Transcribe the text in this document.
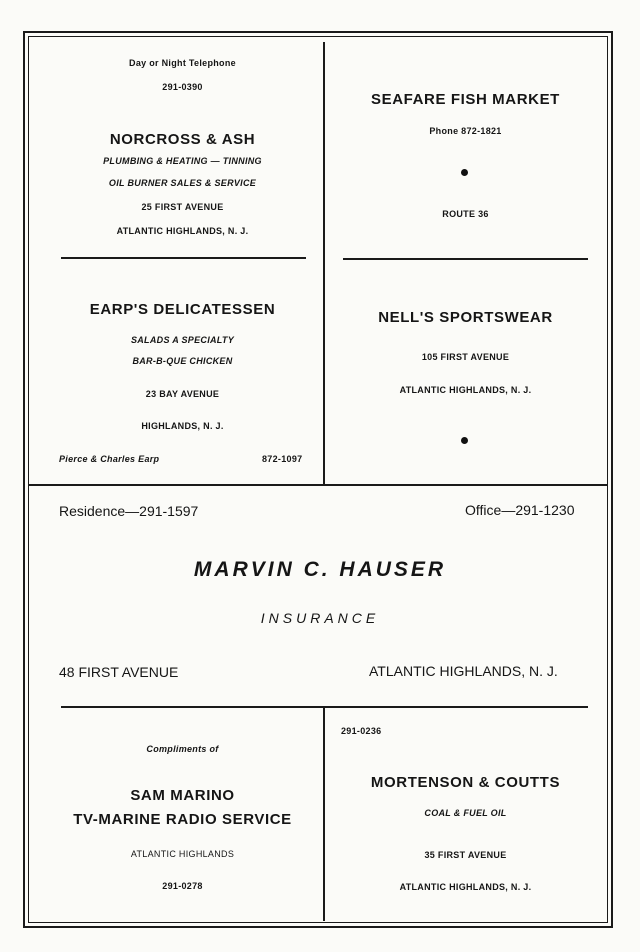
Day or Night Telephone
291-0390
NORCROSS & ASH
PLUMBING & HEATING — TINNING
OIL BURNER SALES & SERVICE
25 FIRST AVENUE
ATLANTIC HIGHLANDS, N. J.
SEAFARE FISH MARKET
Phone 872-1821
ROUTE 36
EARP'S DELICATESSEN
SALADS A SPECIALTY
BAR-B-QUE CHICKEN
23 BAY AVENUE
HIGHLANDS, N. J.
Pierce & Charles Earp	872-1097
NELL'S SPORTSWEAR
105 FIRST AVENUE
ATLANTIC HIGHLANDS, N. J.
Residence—291-1597	Office—291-1230
MARVIN C. HAUSER
INSURANCE
48 FIRST AVENUE	ATLANTIC HIGHLANDS, N. J.
Compliments of
SAM MARINO
TV-MARINE RADIO SERVICE
ATLANTIC HIGHLANDS
291-0278
291-0236
MORTENSON & COUTTS
COAL & FUEL OIL
35 FIRST AVENUE
ATLANTIC HIGHLANDS, N. J.
